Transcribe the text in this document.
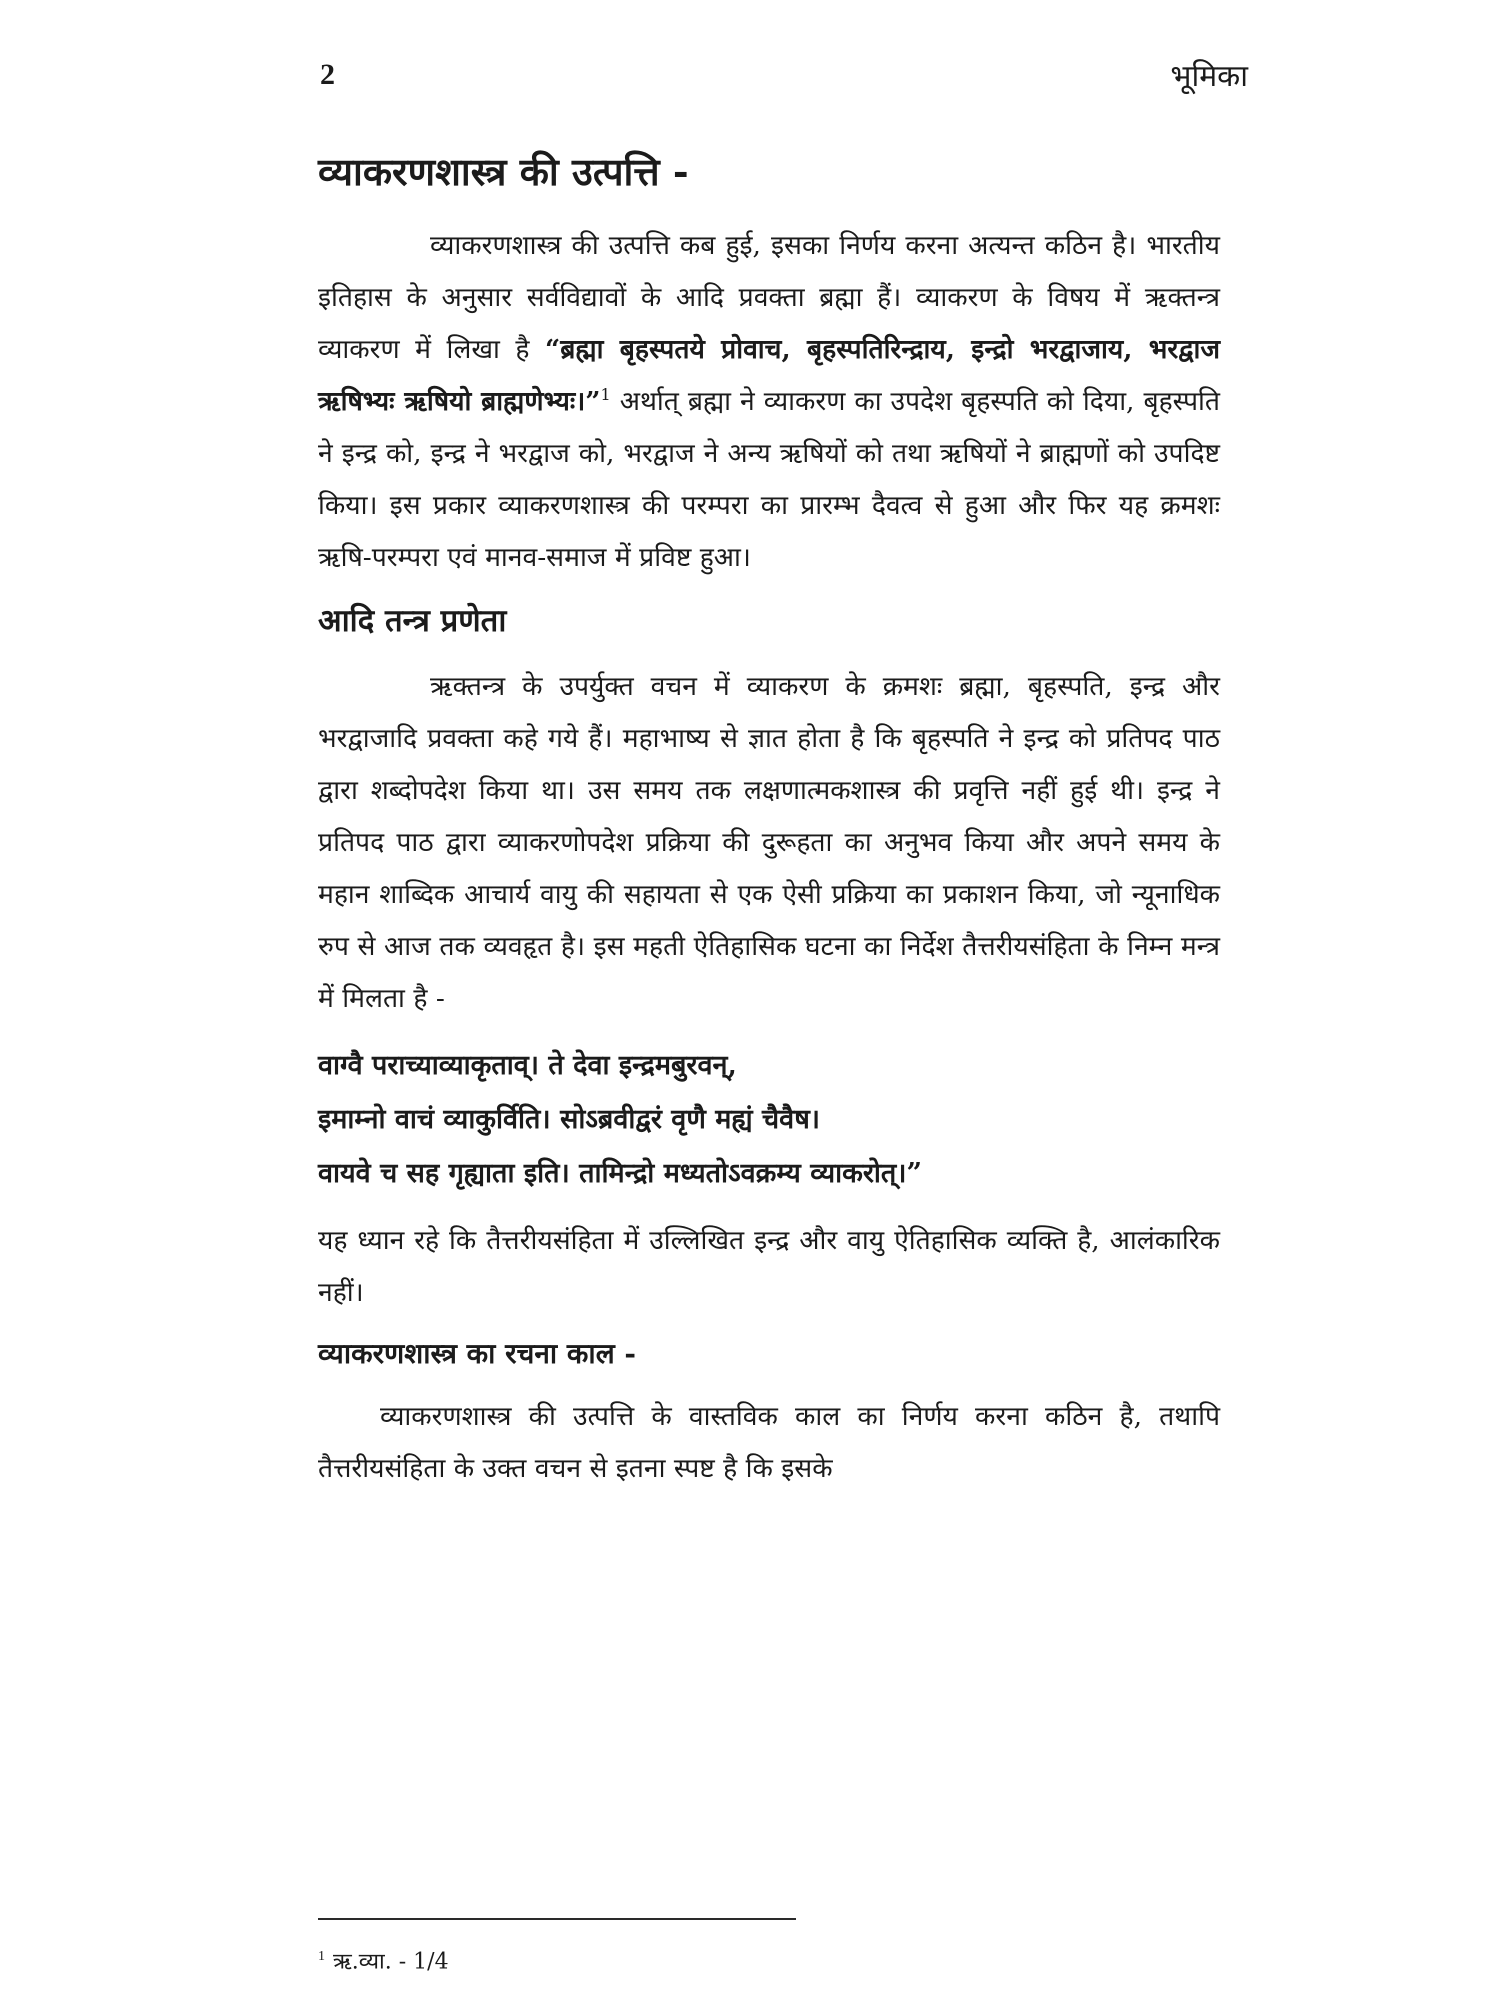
2	भूमिका
व्याकरणशास्त्र की उत्पत्ति -

व्याकरणशास्त्र की उत्पत्ति कब हुई, इसका निर्णय करना अत्यन्त कठिन है। भारतीय इतिहास के अनुसार सर्वविद्यावों के आदि प्रवक्ता ब्रह्मा हैं। व्याकरण के विषय में ऋक्तन्त्र व्याकरण में लिखा है “ब्रह्मा बृहस्पतये प्रोवाच, बृहस्पतिरिन्द्राय, इन्द्रो भरद्वाजाय, भरद्वाज ऋषिभ्यः ऋषियो ब्राह्मणेभ्यः।”$^1$ अर्थात् ब्रह्मा ने व्याकरण का उपदेश बृहस्पति को दिया, बृहस्पति ने इन्द्र को, इन्द्र ने भरद्वाज को, भरद्वाज ने अन्य ऋषियों को तथा ऋषियों ने ब्राह्मणों को उपदिष्ट किया। इस प्रकार व्याकरणशास्त्र की परम्परा का प्रारम्भ दैवत्व से हुआ और फिर यह क्रमशः ऋषि-परम्परा एवं मानव-समाज में प्रविष्ट हुआ।

आदि तन्त्र प्रणेता

ऋक्तन्त्र के उपर्युक्त वचन में व्याकरण के क्रमशः ब्रह्मा, बृहस्पति, इन्द्र और भरद्वाजादि प्रवक्ता कहे गये हैं। महाभाष्य से ज्ञात होता है कि बृहस्पति ने इन्द्र को प्रतिपद पाठ द्वारा शब्दोपदेश किया था। उस समय तक लक्षणात्मकशास्त्र की प्रवृत्ति नहीं हुई थी। इन्द्र ने प्रतिपद पाठ द्वारा व्याकरणोपदेश प्रक्रिया की दुरूहता का अनुभव किया और अपने समय के महान शाब्दिक आचार्य वायु की सहायता से एक ऐसी प्रक्रिया का प्रकाशन किया, जो न्यूनाधिक रुप से आज तक व्यवहृत है। इस महती ऐतिहासिक घटना का निर्देश तैत्तरीयसंहिता के निम्न मन्त्र में मिलता है -

वाग्वै पराच्याव्याकृताव्। ते देवा इन्द्रमबुरवन्,
इमाम्नो वाचं व्याकुर्विति। सोऽब्रवीद्वरं वृणै मह्यं चैवैष।
वायवे च सह गृह्याता इति। तामिन्द्रो मध्यतोऽवक्रम्य व्याकरोत्।”

यह ध्यान रहे कि तैत्तरीयसंहिता में उल्लिखित इन्द्र और वायु ऐतिहासिक व्यक्ति है, आलंकारिक नहीं।

व्याकरणशास्त्र का रचना काल -

व्याकरणशास्त्र की उत्पत्ति के वास्तविक काल का निर्णय करना कठिन है, तथापि तैत्तरीयसंहिता के उक्त वचन से इतना स्पष्ट है कि इसके

$^1$ ऋ.व्या. - 1/4
